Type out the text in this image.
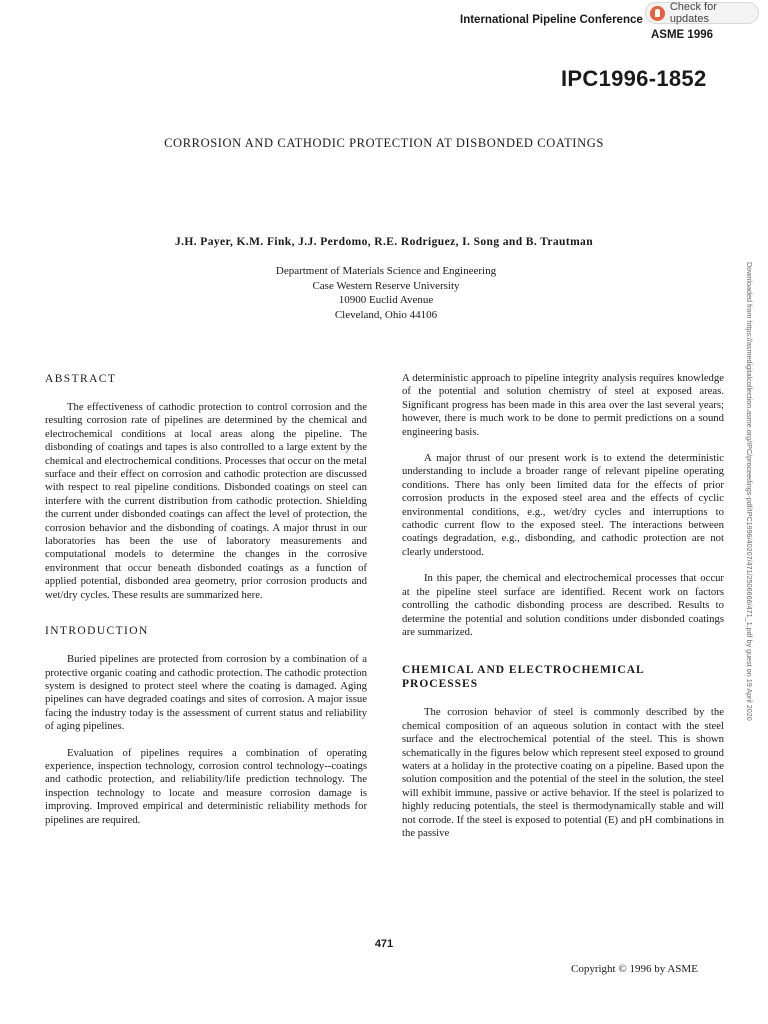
International Pipeline Conference
Check for updates
ASME 1996
IPC1996-1852
CORROSION AND CATHODIC PROTECTION AT DISBONDED COATINGS
J.H. Payer, K.M. Fink, J.J. Perdomo, R.E. Rodriguez, I. Song and B. Trautman
Department of Materials Science and Engineering
Case Western Reserve University
10900 Euclid Avenue
Cleveland, Ohio 44106	Downloaded from https://asmedigitalcollection.asme.org/IPC/proceedings-pdf/IPC1996/40207/471/2506666/471_1.pdf by guest on 19 April 2020
ABSTRACT

The effectiveness of cathodic protection to control corrosion and the resulting corrosion rate of pipelines are determined by the chemical and electrochemical conditions at local areas along the pipeline. The disbonding of coatings and tapes is also controlled to a large extent by the chemical and electrochemical conditions. Processes that occur on the metal surface and their effect on corrosion and cathodic protection are discussed with respect to real pipeline conditions. Disbonded coatings on steel can interfere with the current distribution from cathodic protection. Shielding the current under disbonded coatings can affect the level of protection, the corrosion behavior and the disbonding of coatings. A major thrust in our laboratories has been the use of laboratory measurements and computational models to determine the changes in the corrosive environment that occur beneath disbonded coatings as a function of applied potential, disbonded area geometry, prior corrosion products and wet/dry cycles. These results are summarized here.

INTRODUCTION

Buried pipelines are protected from corrosion by a combination of a protective organic coating and cathodic protection. The cathodic protection system is designed to protect steel where the coating is damaged. Aging pipelines can have degraded coatings and sites of corrosion. A major issue facing the industry today is the assessment of current status and reliability of aging pipelines.

Evaluation of pipelines requires a combination of operating experience, inspection technology, corrosion control technology--coatings and cathodic protection, and reliability/life prediction technology. The inspection technology to locate and measure corrosion damage is improving. Improved empirical and deterministic reliability methods for pipelines are required.

A deterministic approach to pipeline integrity analysis requires knowledge of the potential and solution chemistry of steel at exposed areas. Significant progress has been made in this area over the last several years; however, there is much work to be done to permit predictions on a sound engineering basis.

A major thrust of our present work is to extend the deterministic understanding to include a broader range of relevant pipeline operating conditions. There has only been limited data for the effects of prior corrosion products in the exposed steel area and the effects of cyclic environmental conditions, e.g., wet/dry cycles and interruptions to cathodic current flow to the exposed steel. The interactions between coatings degradation, e.g., disbonding, and cathodic protection are not clearly understood.

In this paper, the chemical and electrochemical processes that occur at the pipeline steel surface are identified. Recent work on factors controlling the cathodic disbonding process are described. Results to determine the potential and solution conditions under disbonded coatings are summarized.

CHEMICAL AND ELECTROCHEMICAL
PROCESSES

The corrosion behavior of steel is commonly described by the chemical composition of an aqueous solution in contact with the steel surface and the electrochemical potential of the steel. This is shown schematically in the figures below which represent steel exposed to ground waters at a holiday in the protective coating on a pipeline. Based upon the solution composition and the potential of the steel in the solution, the steel will exhibit immune, passive or active behavior. If the steel is polarized to highly reducing potentials, the steel is thermodynamically stable and will not corrode. If the steel is exposed to potential (E) and pH combinations in the passive

471
Copyright © 1996 by ASME
